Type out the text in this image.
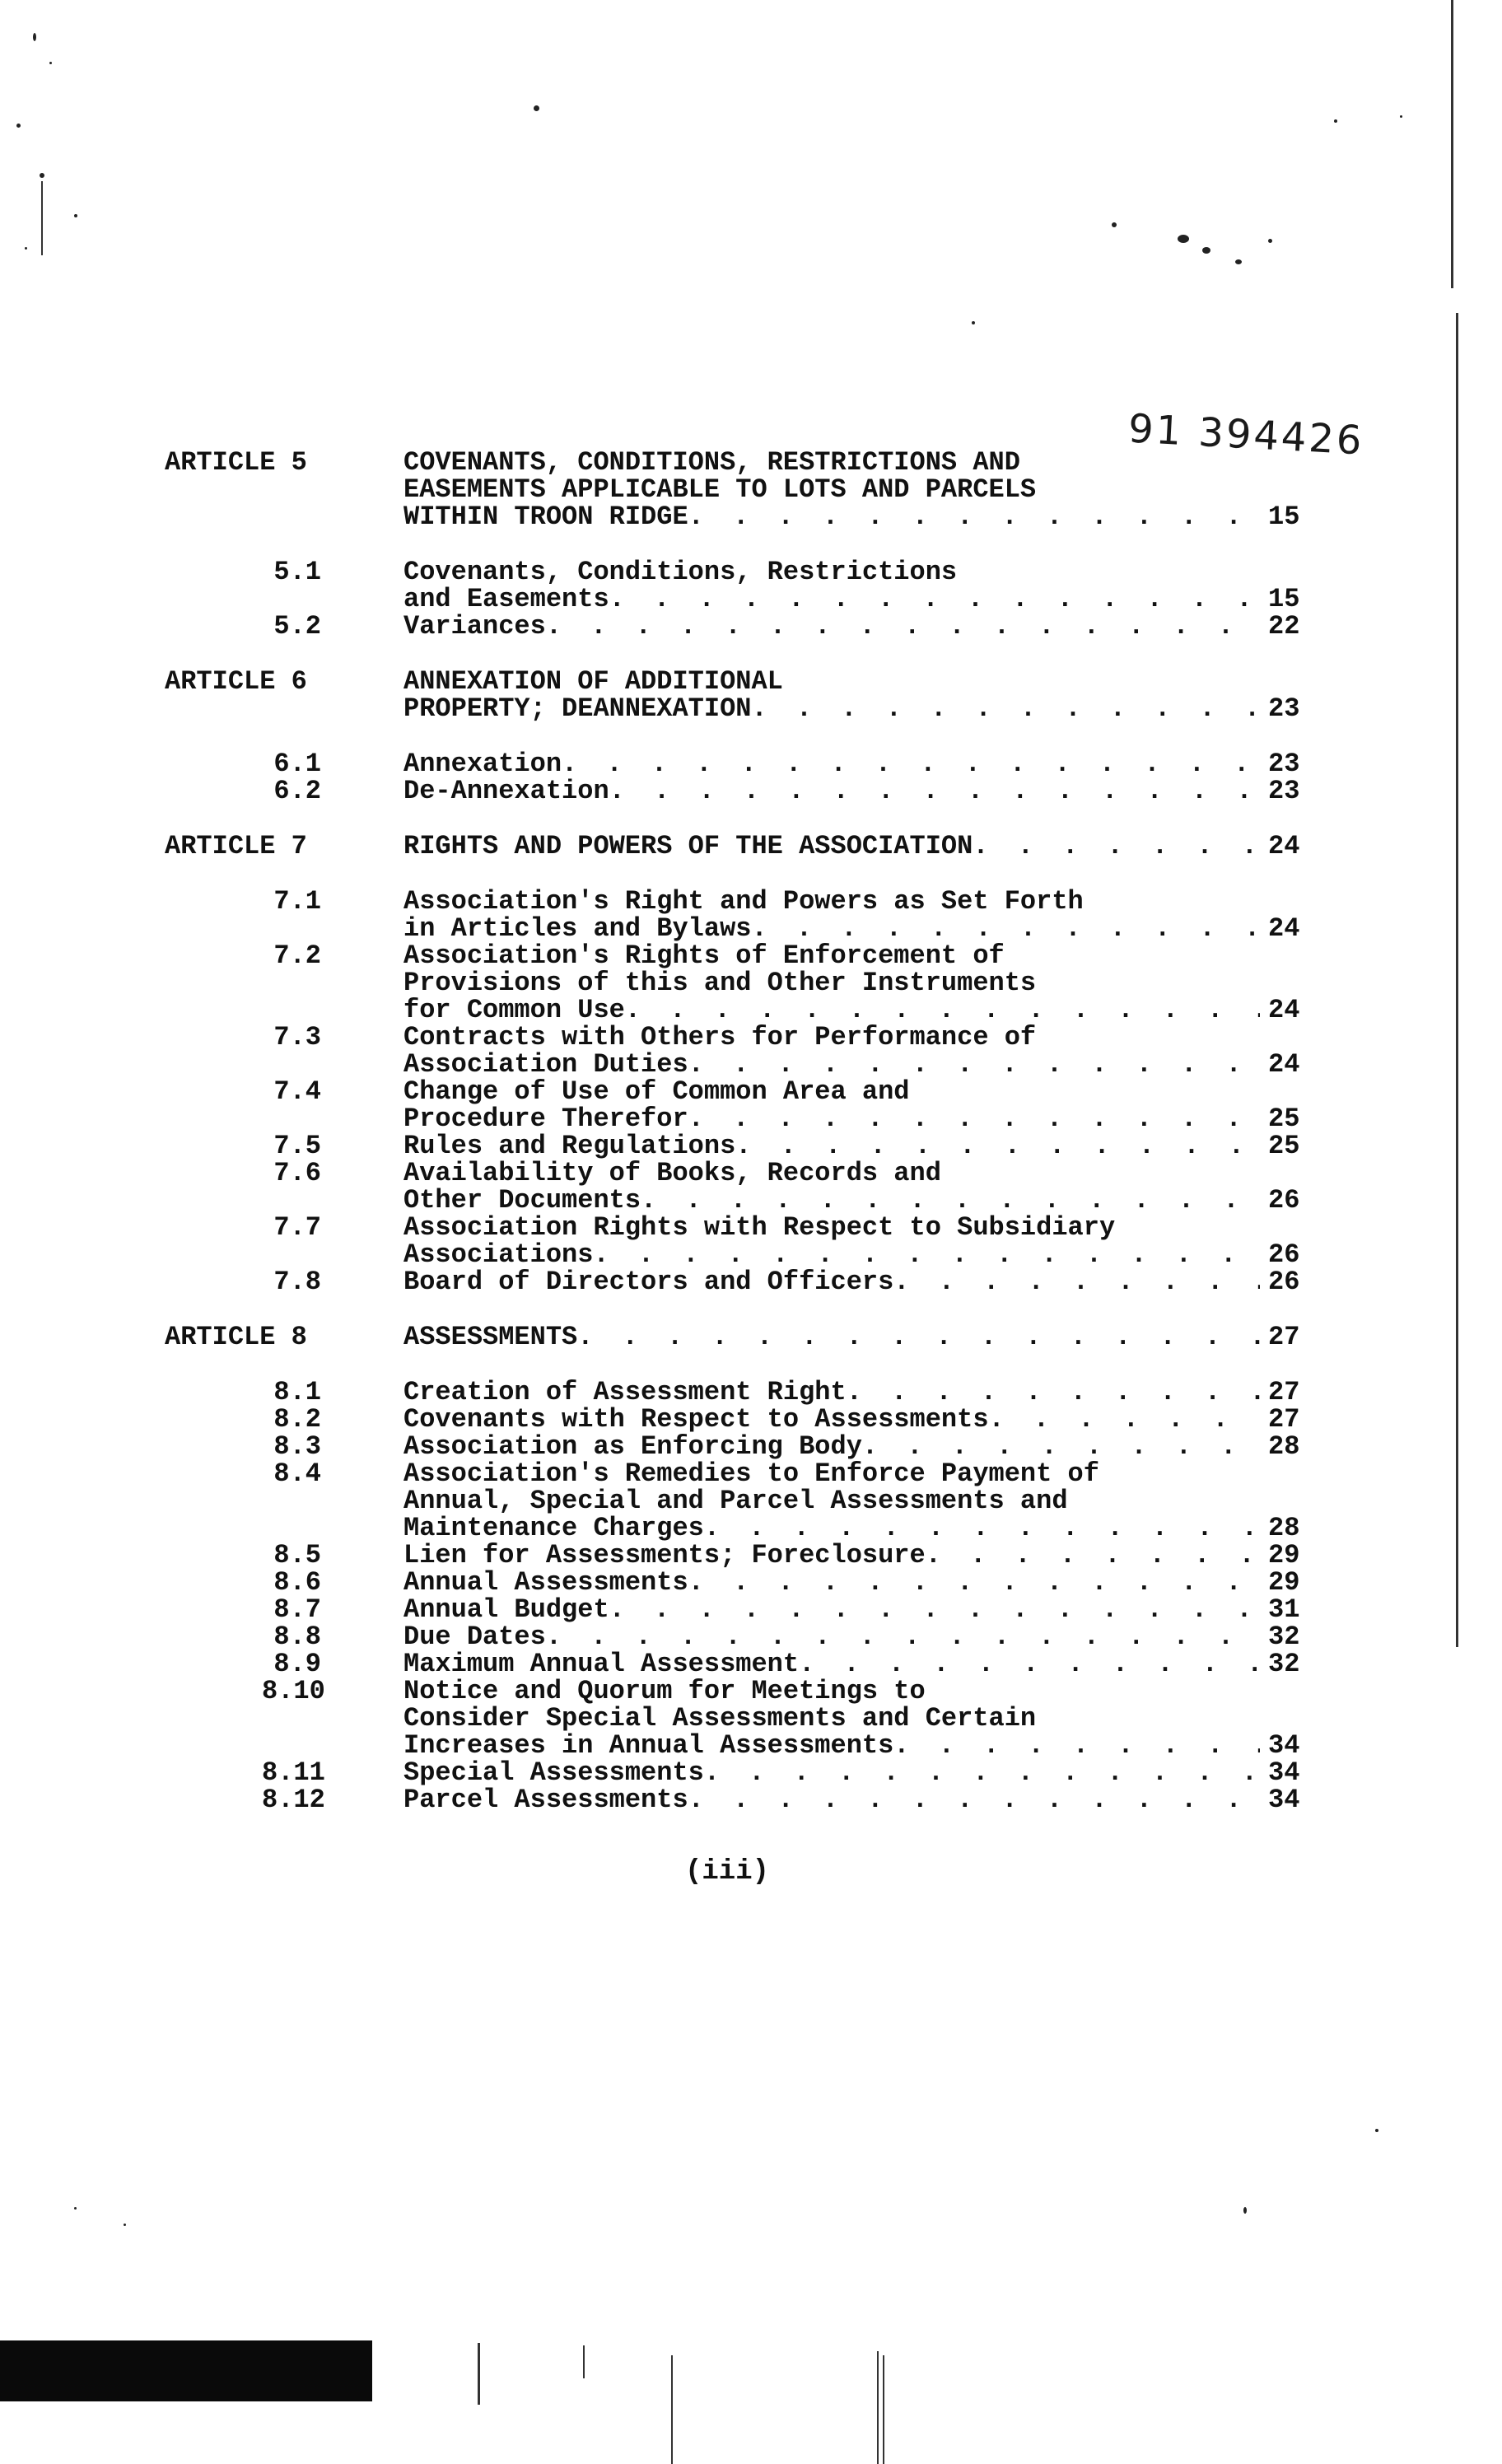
91 394426
ARTICLE 5	COVENANTS, CONDITIONS, RESTRICTIONS AND
EASEMENTS APPLICABLE TO LOTS AND PARCELS
WITHIN TROON RIDGE . . .	15
5.1	Covenants, Conditions, Restrictions
and Easements . . .	15
5.2	Variances . . .	22
ARTICLE 6	ANNEXATION OF ADDITIONAL
PROPERTY; DEANNEXATION . . .	23
6.1	Annexation . . .	23
6.2	De-Annexation . . .	23
ARTICLE 7	RIGHTS AND POWERS OF THE ASSOCIATION . . .	24
7.1	Association's Right and Powers as Set Forth
in Articles and Bylaws . . .	24
7.2	Association's Rights of Enforcement of
Provisions of this and Other Instruments
for Common Use . . .	24
7.3	Contracts with Others for Performance of
Association Duties . . .	24
7.4	Change of Use of Common Area and
Procedure Therefor . . .	25
7.5	Rules and Regulations . . .	25
7.6	Availability of Books, Records and
Other Documents . . .	26
7.7	Association Rights with Respect to Subsidiary
Associations . . .	26
7.8	Board of Directors and Officers . . .	26
ARTICLE 8	ASSESSMENTS . . .	27
8.1	Creation of Assessment Right . . .	27
8.2	Covenants with Respect to Assessments . . .	27
8.3	Association as Enforcing Body . . .	28
8.4	Association's Remedies to Enforce Payment of
Annual, Special and Parcel Assessments and
Maintenance Charges . . .	28
8.5	Lien for Assessments; Foreclosure . . .	29
8.6	Annual Assessments . . .	29
8.7	Annual Budget . . .	31
8.8	Due Dates . . .	32
8.9	Maximum Annual Assessment . . .	32
8.10	Notice and Quorum for Meetings to
Consider Special Assessments and Certain
Increases in Annual Assessments . . .	34
8.11	Special Assessments . . .	34
8.12	Parcel Assessments . . .	34
(iii)
